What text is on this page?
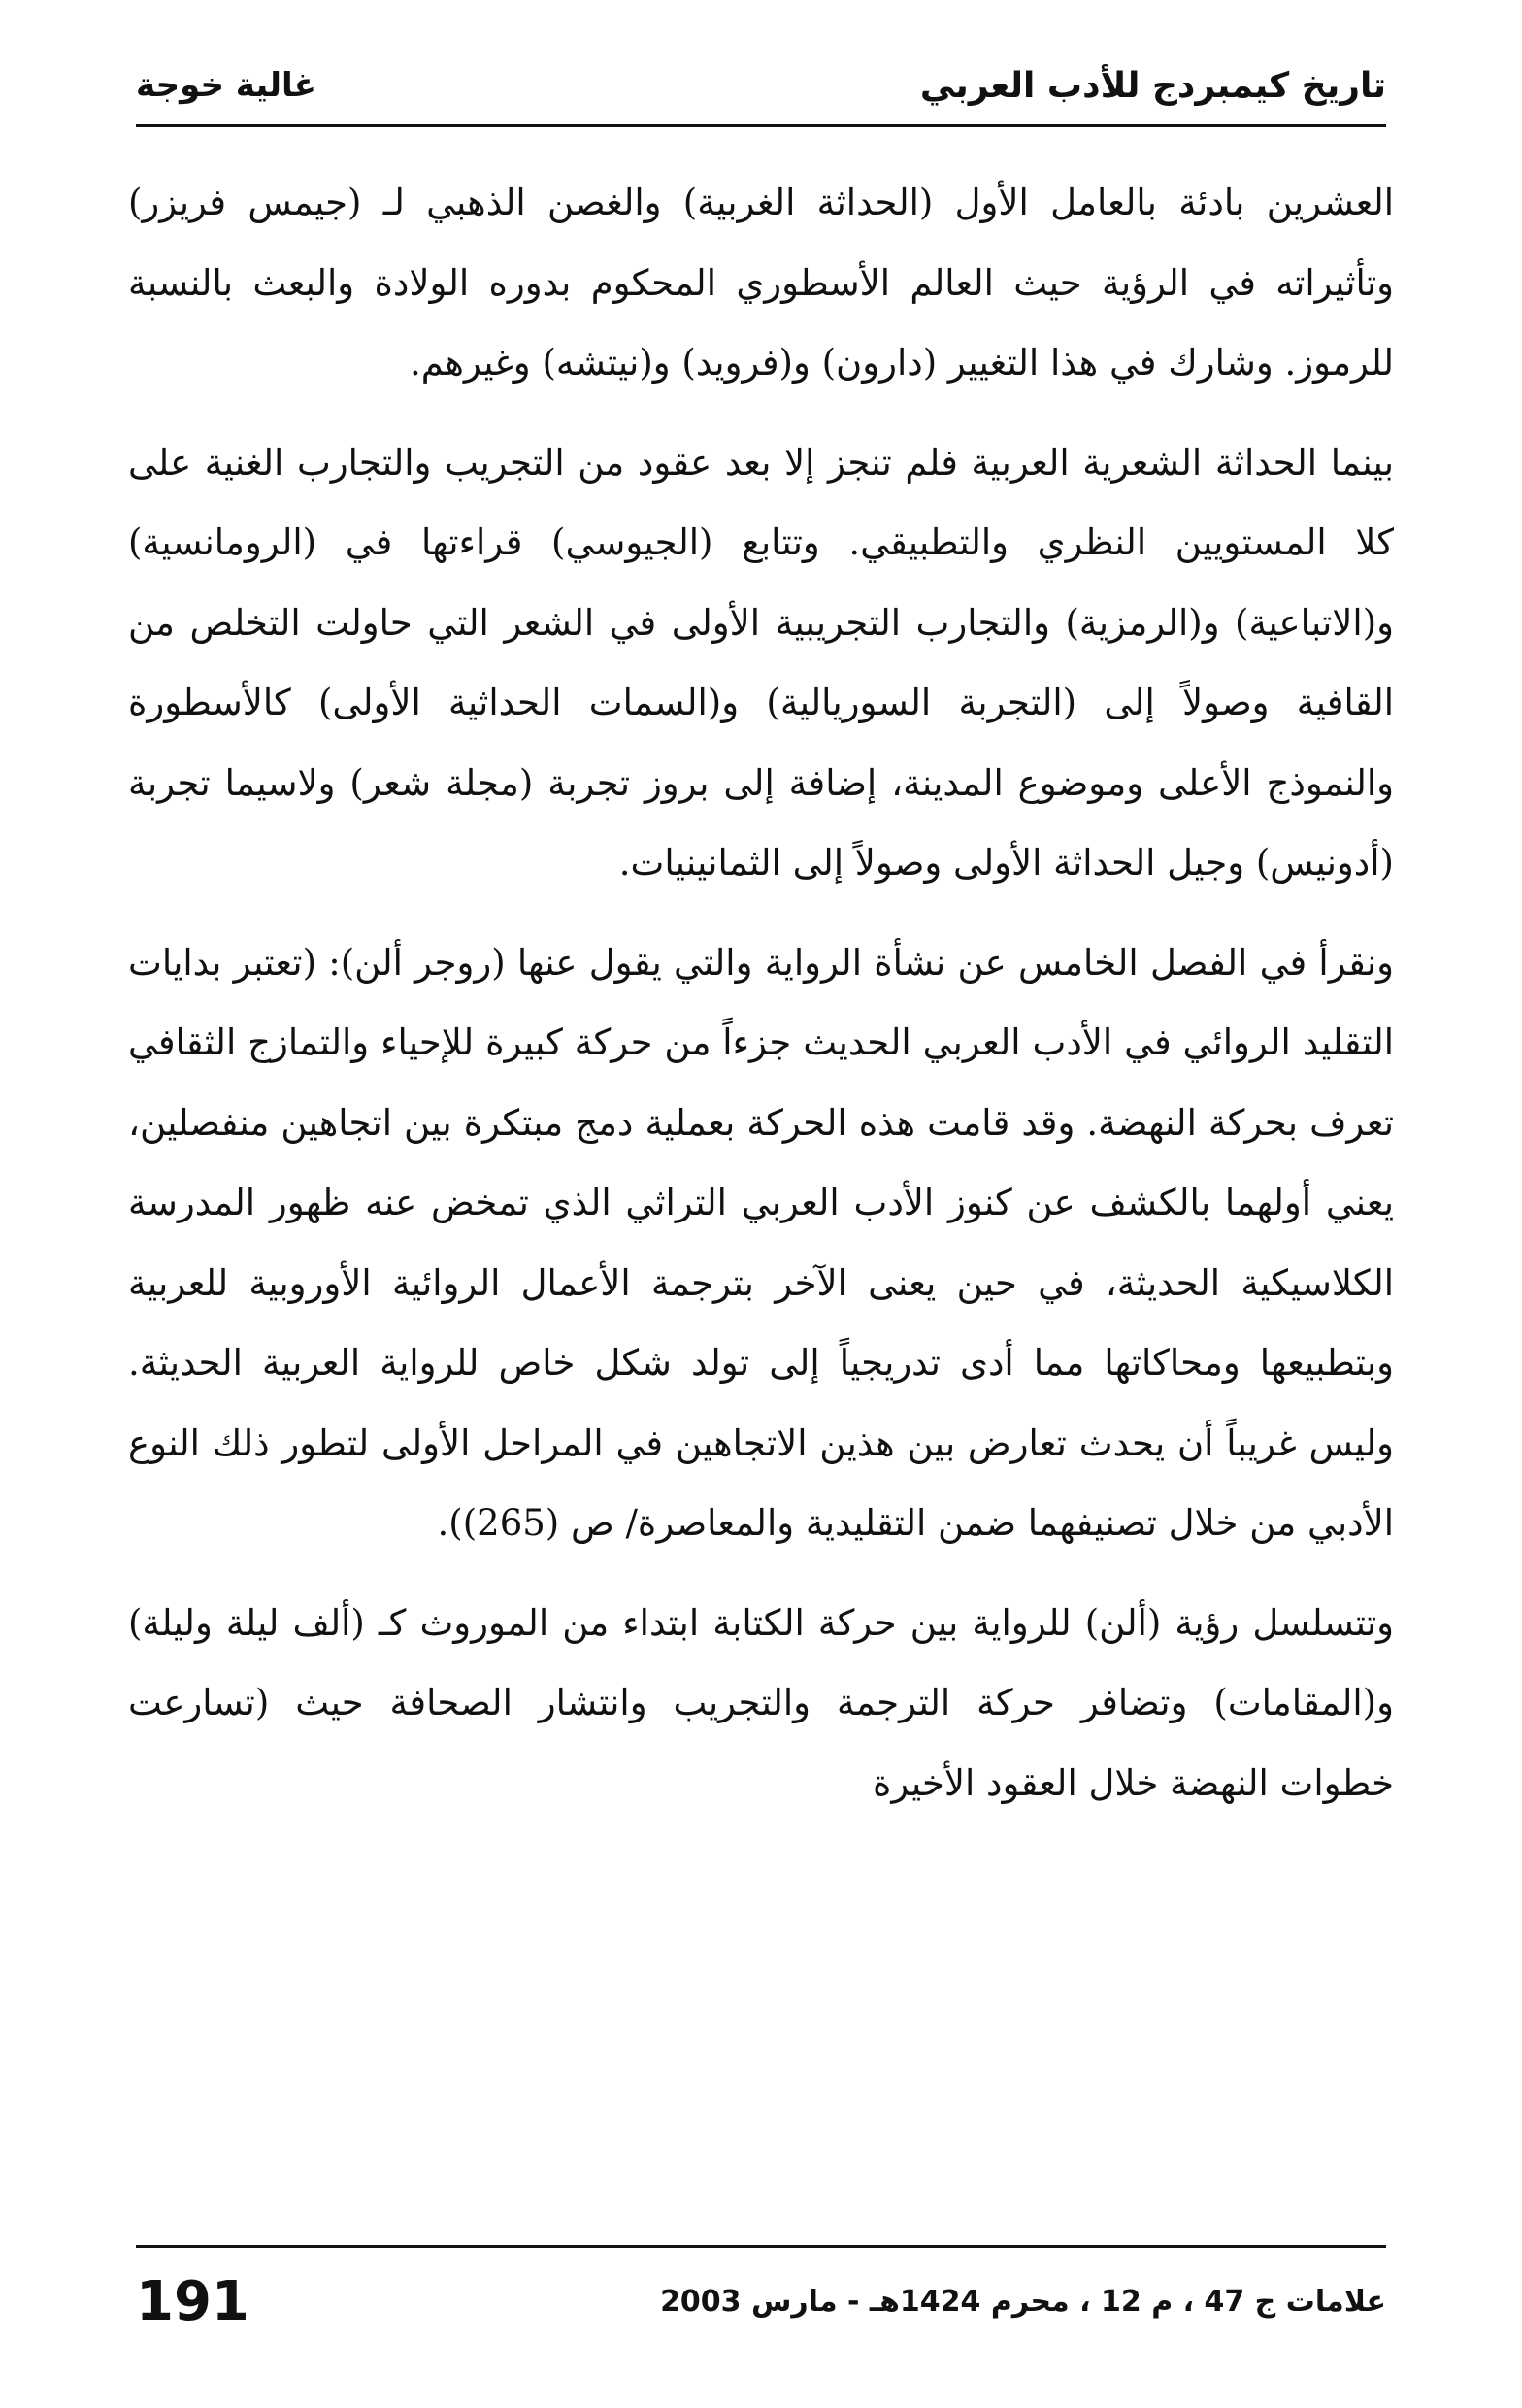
تاريخ كيمبردج للأدب العربي
غالية خوجة

العشرين بادئة بالعامل الأول (الحداثة الغربية) والغصن الذهبي لـ (جيمس فريزر) وتأثيراته في الرؤية حيث العالم الأسطوري المحكوم بدوره الولادة والبعث بالنسبة للرموز. وشارك في هذا التغيير (دارون) و(فرويد) و(نيتشه) وغيرهم.

بينما الحداثة الشعرية العربية فلم تنجز إلا بعد عقود من التجريب والتجارب الغنية على كلا المستويين النظري والتطبيقي. وتتابع (الجيوسي) قراءتها في (الرومانسية) و(الاتباعية) و(الرمزية) والتجارب التجريبية الأولى في الشعر التي حاولت التخلص من القافية وصولاً إلى (التجربة السوريالية) و(السمات الحداثية الأولى) كالأسطورة والنموذج الأعلى وموضوع المدينة، إضافة إلى بروز تجربة (مجلة شعر) ولاسيما تجربة (أدونيس) وجيل الحداثة الأولى وصولاً إلى الثمانينيات.

ونقرأ في الفصل الخامس عن نشأة الرواية والتي يقول عنها (روجر ألن): (تعتبر بدايات التقليد الروائي في الأدب العربي الحديث جزءاً من حركة كبيرة للإحياء والتمازج الثقافي تعرف بحركة النهضة. وقد قامت هذه الحركة بعملية دمج مبتكرة بين اتجاهين منفصلين، يعني أولهما بالكشف عن كنوز الأدب العربي التراثي الذي تمخض عنه ظهور المدرسة الكلاسيكية الحديثة، في حين يعنى الآخر بترجمة الأعمال الروائية الأوروبية للعربية وبتطبيعها ومحاكاتها مما أدى تدريجياً إلى تولد شكل خاص للرواية العربية الحديثة. وليس غريباً أن يحدث تعارض بين هذين الاتجاهين في المراحل الأولى لتطور ذلك النوع الأدبي من خلال تصنيفهما ضمن التقليدية والمعاصرة/ ص (265)).

وتتسلسل رؤية (ألن) للرواية بين حركة الكتابة ابتداء من الموروث كـ (ألف ليلة وليلة) و(المقامات) وتضافر حركة الترجمة والتجريب وانتشار الصحافة حيث (تسارعت خطوات النهضة خلال العقود الأخيرة

علامات ج 47 ، م 12 ، محرم 1424هـ - مارس 2003
191
